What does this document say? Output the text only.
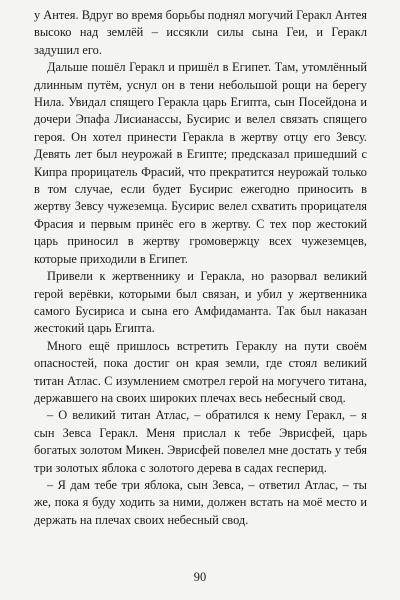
у Антея. Вдруг во время борьбы поднял могучий Геракл Антея высоко над землёй – иссякли силы сына Геи, и Геракл задушил его.

Дальше пошёл Геракл и пришёл в Египет. Там, утомлённый длинным путём, уснул он в тени небольшой рощи на берегу Нила. Увидал спящего Геракла царь Египта, сын Посейдона и дочери Эпафа Лисианассы, Бусирис и велел связать спящего героя. Он хотел принести Геракла в жертву отцу его Зевсу. Девять лет был неурожай в Египте; предсказал пришедший с Кипра прорицатель Фрасий, что прекратится неурожай только в том случае, если будет Бусирис ежегодно приносить в жертву Зевсу чужеземца. Бусирис велел схватить прорицателя Фрасия и первым принёс его в жертву. С тех пор жестокий царь приносил в жертву громовержцу всех чужеземцев, которые приходили в Египет.

Привели к жертвеннику и Геракла, но разорвал великий герой верёвки, которыми был связан, и убил у жертвенника самого Бусириса и сына его Амфидаманта. Так был наказан жестокий царь Египта.

Много ещё пришлось встретить Гераклу на пути своём опасностей, пока достиг он края земли, где стоял великий титан Атлас. С изумлением смотрел герой на могучего титана, державшего на своих широких плечах весь небесный свод.

– О великий титан Атлас, – обратился к нему Геракл, – я сын Зевса Геракл. Меня прислал к тебе Эврисфей, царь богатых золотом Микен. Эврисфей повелел мне достать у тебя три золотых яблока с золотого дерева в садах гесперид.

– Я дам тебе три яблока, сын Зевса, – ответил Атлас, – ты же, пока я буду ходить за ними, должен встать на моё место и держать на плечах своих небесный свод.

90
